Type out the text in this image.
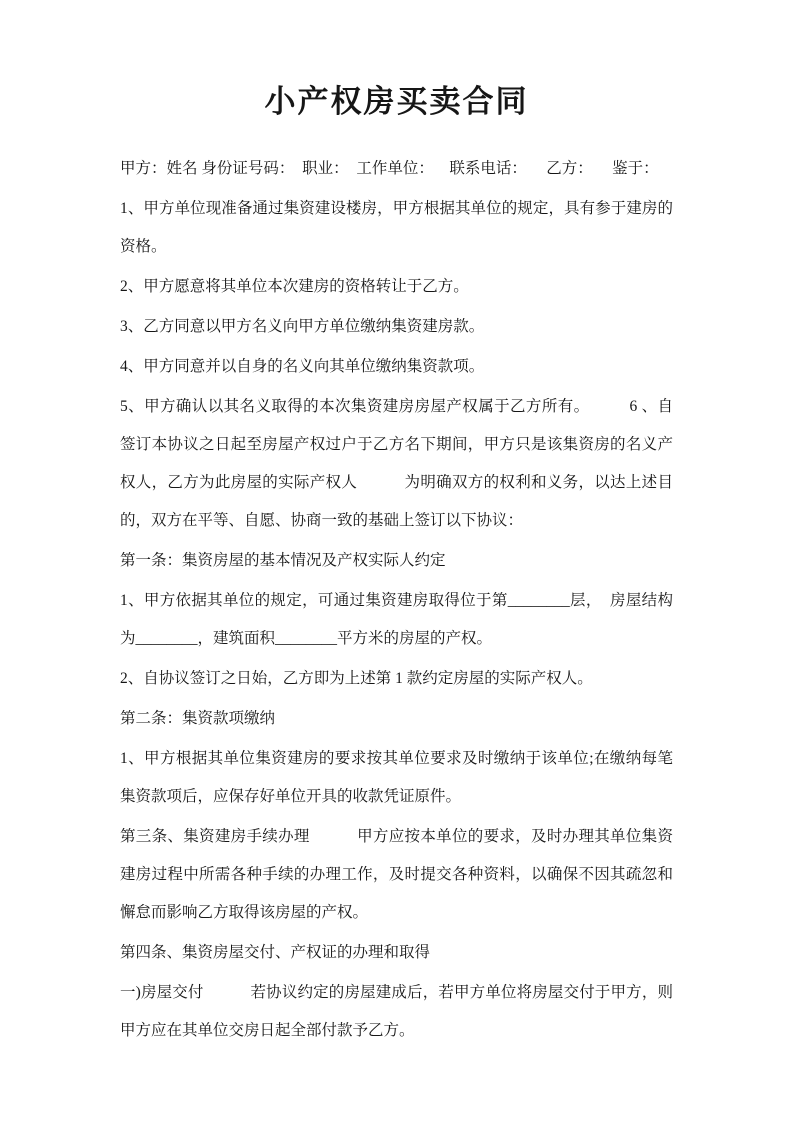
小产权房买卖合同

甲方：姓名 身份证号码：  职业：  工作单位：    联系电话：     乙方：     鉴于：

1、甲方单位现准备通过集资建设楼房，甲方根据其单位的规定，具有参于建房的资格。

2、甲方愿意将其单位本次建房的资格转让于乙方。

3、乙方同意以甲方名义向甲方单位缴纳集资建房款。

4、甲方同意并以自身的名义向其单位缴纳集资款项。

5、甲方确认以其名义取得的本次集资建房房屋产权属于乙方所有。　　　6 、自签订本协议之日起至房屋产权过户于乙方名下期间，甲方只是该集资房的名义产权人，乙方为此房屋的实际产权人　　　为明确双方的权利和义务，以达上述目的，双方在平等、自愿、协商一致的基础上签订以下协议：

第一条：集资房屋的基本情况及产权实际人约定

1、甲方依据其单位的规定，可通过集资建房取得位于第________层，  房屋结构为________，建筑面积________平方米的房屋的产权。

2、自协议签订之日始，乙方即为上述第 1 款约定房屋的实际产权人。

第二条：集资款项缴纳

1、甲方根据其单位集资建房的要求按其单位要求及时缴纳于该单位;在缴纳每笔集资款项后，应保存好单位开具的收款凭证原件。

第三条、集资建房手续办理　　　甲方应按本单位的要求，及时办理其单位集资建房过程中所需各种手续的办理工作，及时提交各种资料，以确保不因其疏忽和懈怠而影响乙方取得该房屋的产权。

第四条、集资房屋交付、产权证的办理和取得

一)房屋交付　　　若协议约定的房屋建成后，若甲方单位将房屋交付于甲方，则甲方应在其单位交房日起全部付款予乙方。
